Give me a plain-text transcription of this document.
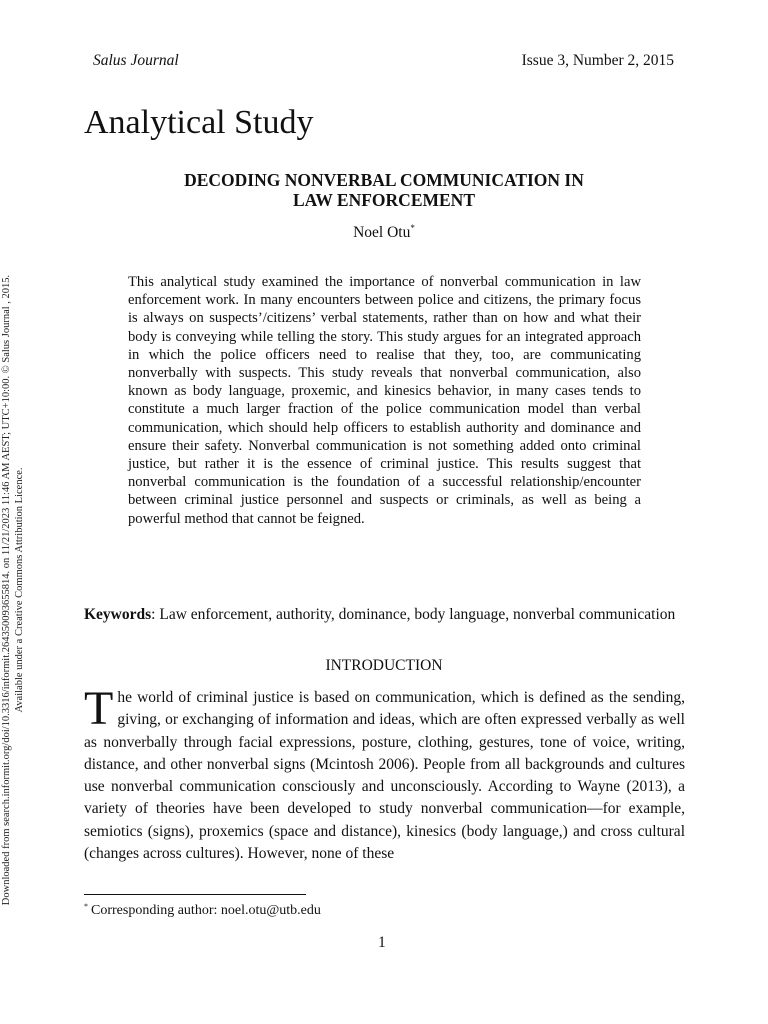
Salus Journal	Issue 3, Number 2, 2015
Analytical Study
DECODING NONVERBAL COMMUNICATION IN
LAW ENFORCEMENT
Noel Otu*
This analytical study examined the importance of nonverbal communication in law enforcement work. In many encounters between police and citizens, the primary focus is always on suspects’/citizens’ verbal statements, rather than on how and what their body is conveying while telling the story. This study argues for an integrated approach in which the police officers need to realise that they, too, are communicating nonverbally with suspects. This study reveals that nonverbal communication, also known as body language, proxemic, and kinesics behavior, in many cases tends to constitute a much larger fraction of the police communication model than verbal communication, which should help officers to establish authority and dominance and ensure their safety. Nonverbal communication is not something added onto criminal justice, but rather it is the essence of criminal justice. This results suggest that nonverbal communication is the foundation of a successful relationship/encounter between criminal justice personnel and suspects or criminals, as well as being a powerful method that cannot be feigned.
Keywords: Law enforcement, authority, dominance, body language, nonverbal communication
INTRODUCTION
The world of criminal justice is based on communication, which is defined as the sending, giving, or exchanging of information and ideas, which are often expressed verbally as well as nonverbally through facial expressions, posture, clothing, gestures, tone of voice, writing, distance, and other nonverbal signs (Mcintosh 2006). People from all backgrounds and cultures use nonverbal communication consciously and unconsciously. According to Wayne (2013), a variety of theories have been developed to study nonverbal communication—for example, semiotics (signs), proxemics (space and distance), kinesics (body language,) and cross cultural (changes across cultures). However, none of these
* Corresponding author: noel.otu@utb.edu
1
Downloaded from search.informit.org/doi/10.3316/informit.264350093655814. on 11/21/2023 11:46 AM AEST; UTC+10:00. © Salus Journal , 2015. Available under a Creative Commons Attribution Licence.
